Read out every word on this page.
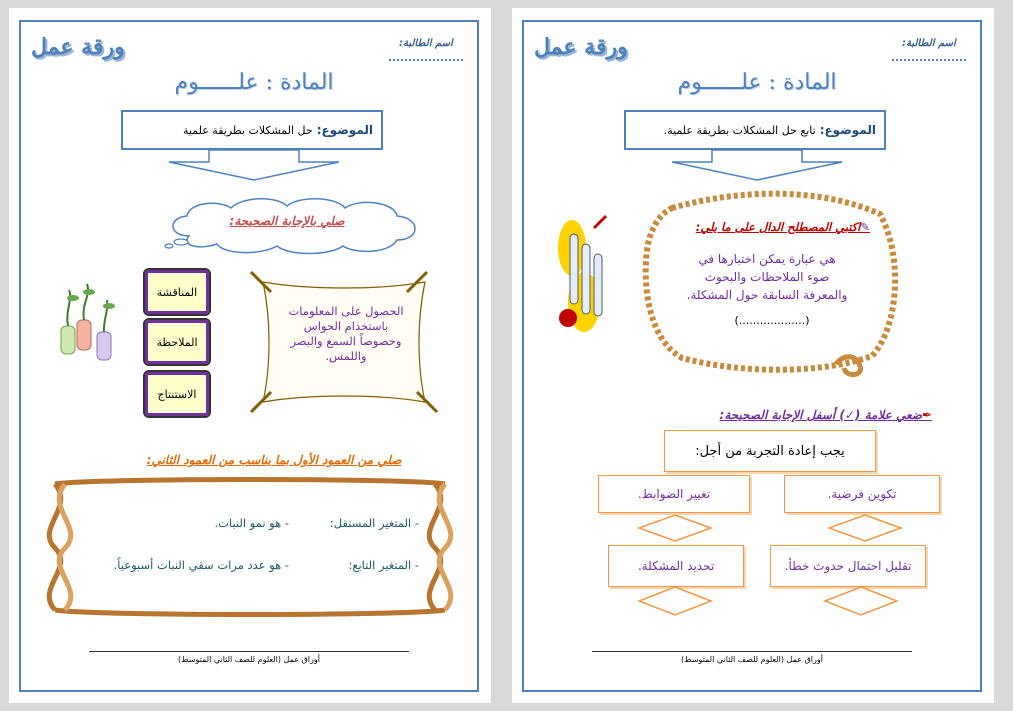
ورقة عمل	اسم الطالبة:
المادة : علــــــوم
الموضوع:
حل المشكلات بطريقة علمية
صلي بالإجابة الصحيحة:
المناقشة
الملاحظة
الاستنتاج
الحصول على المعلومات باستخدام الحواس وخصوصاً السمع والبصر واللمس.
صلي من العمود الأول بما يناسب من العمود الثاني:
- المتغير المستقل:
- هو نمو النبات.
- المتغير التابع:
- هو عدد مرات سقي النبات أسبوعياً.
أوراق عمل (العلوم للصف الثاني المتوسط)
ورقة عمل	اسم الطالبة:
المادة : علــــــوم
الموضوع:
تابع حل المشكلات بطريقة علمية.
✎اكتبي المصطلح الدال على ما يلي:
هي عبارة يمكن اختبارها في
ضوء الملاحظات والبحوث
والمعرفة السابقة حول المشكلة.
(...................)
✒ضعي علامة (✓) أسفل الإجابة الصحيحة:
يجب إعادة التجربة من أجل:
تكوين فرضية.
تغيير الضوابط.
تقليل احتمال حدوث خطأ.
تحديد المشكلة.
أوراق عمل (العلوم للصف الثاني المتوسط)
